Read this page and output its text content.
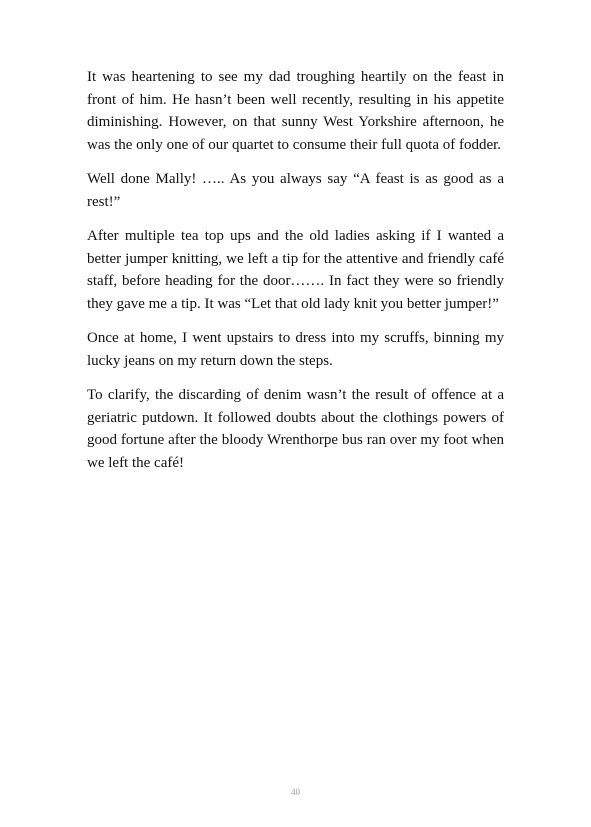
It was heartening to see my dad troughing heartily on the feast in front of him. He hasn’t been well recently, resulting in his appetite diminishing. However, on that sunny West Yorkshire afternoon, he was the only one of our quartet to consume their full quota of fodder.

Well done Mally! ….. As you always say “A feast is as good as a rest!”

After multiple tea top ups and the old ladies asking if I wanted a better jumper knitting, we left a tip for the attentive and friendly café staff, before heading for the door……. In fact they were so friendly they gave me a tip. It was “Let that old lady knit you better jumper!”

Once at home, I went upstairs to dress into my scruffs, binning my lucky jeans on my return down the steps.

To clarify, the discarding of denim wasn’t the result of offence at a geriatric putdown. It followed doubts about the clothings powers of good fortune after the bloody Wrenthorpe bus ran over my foot when we left the café!

40
